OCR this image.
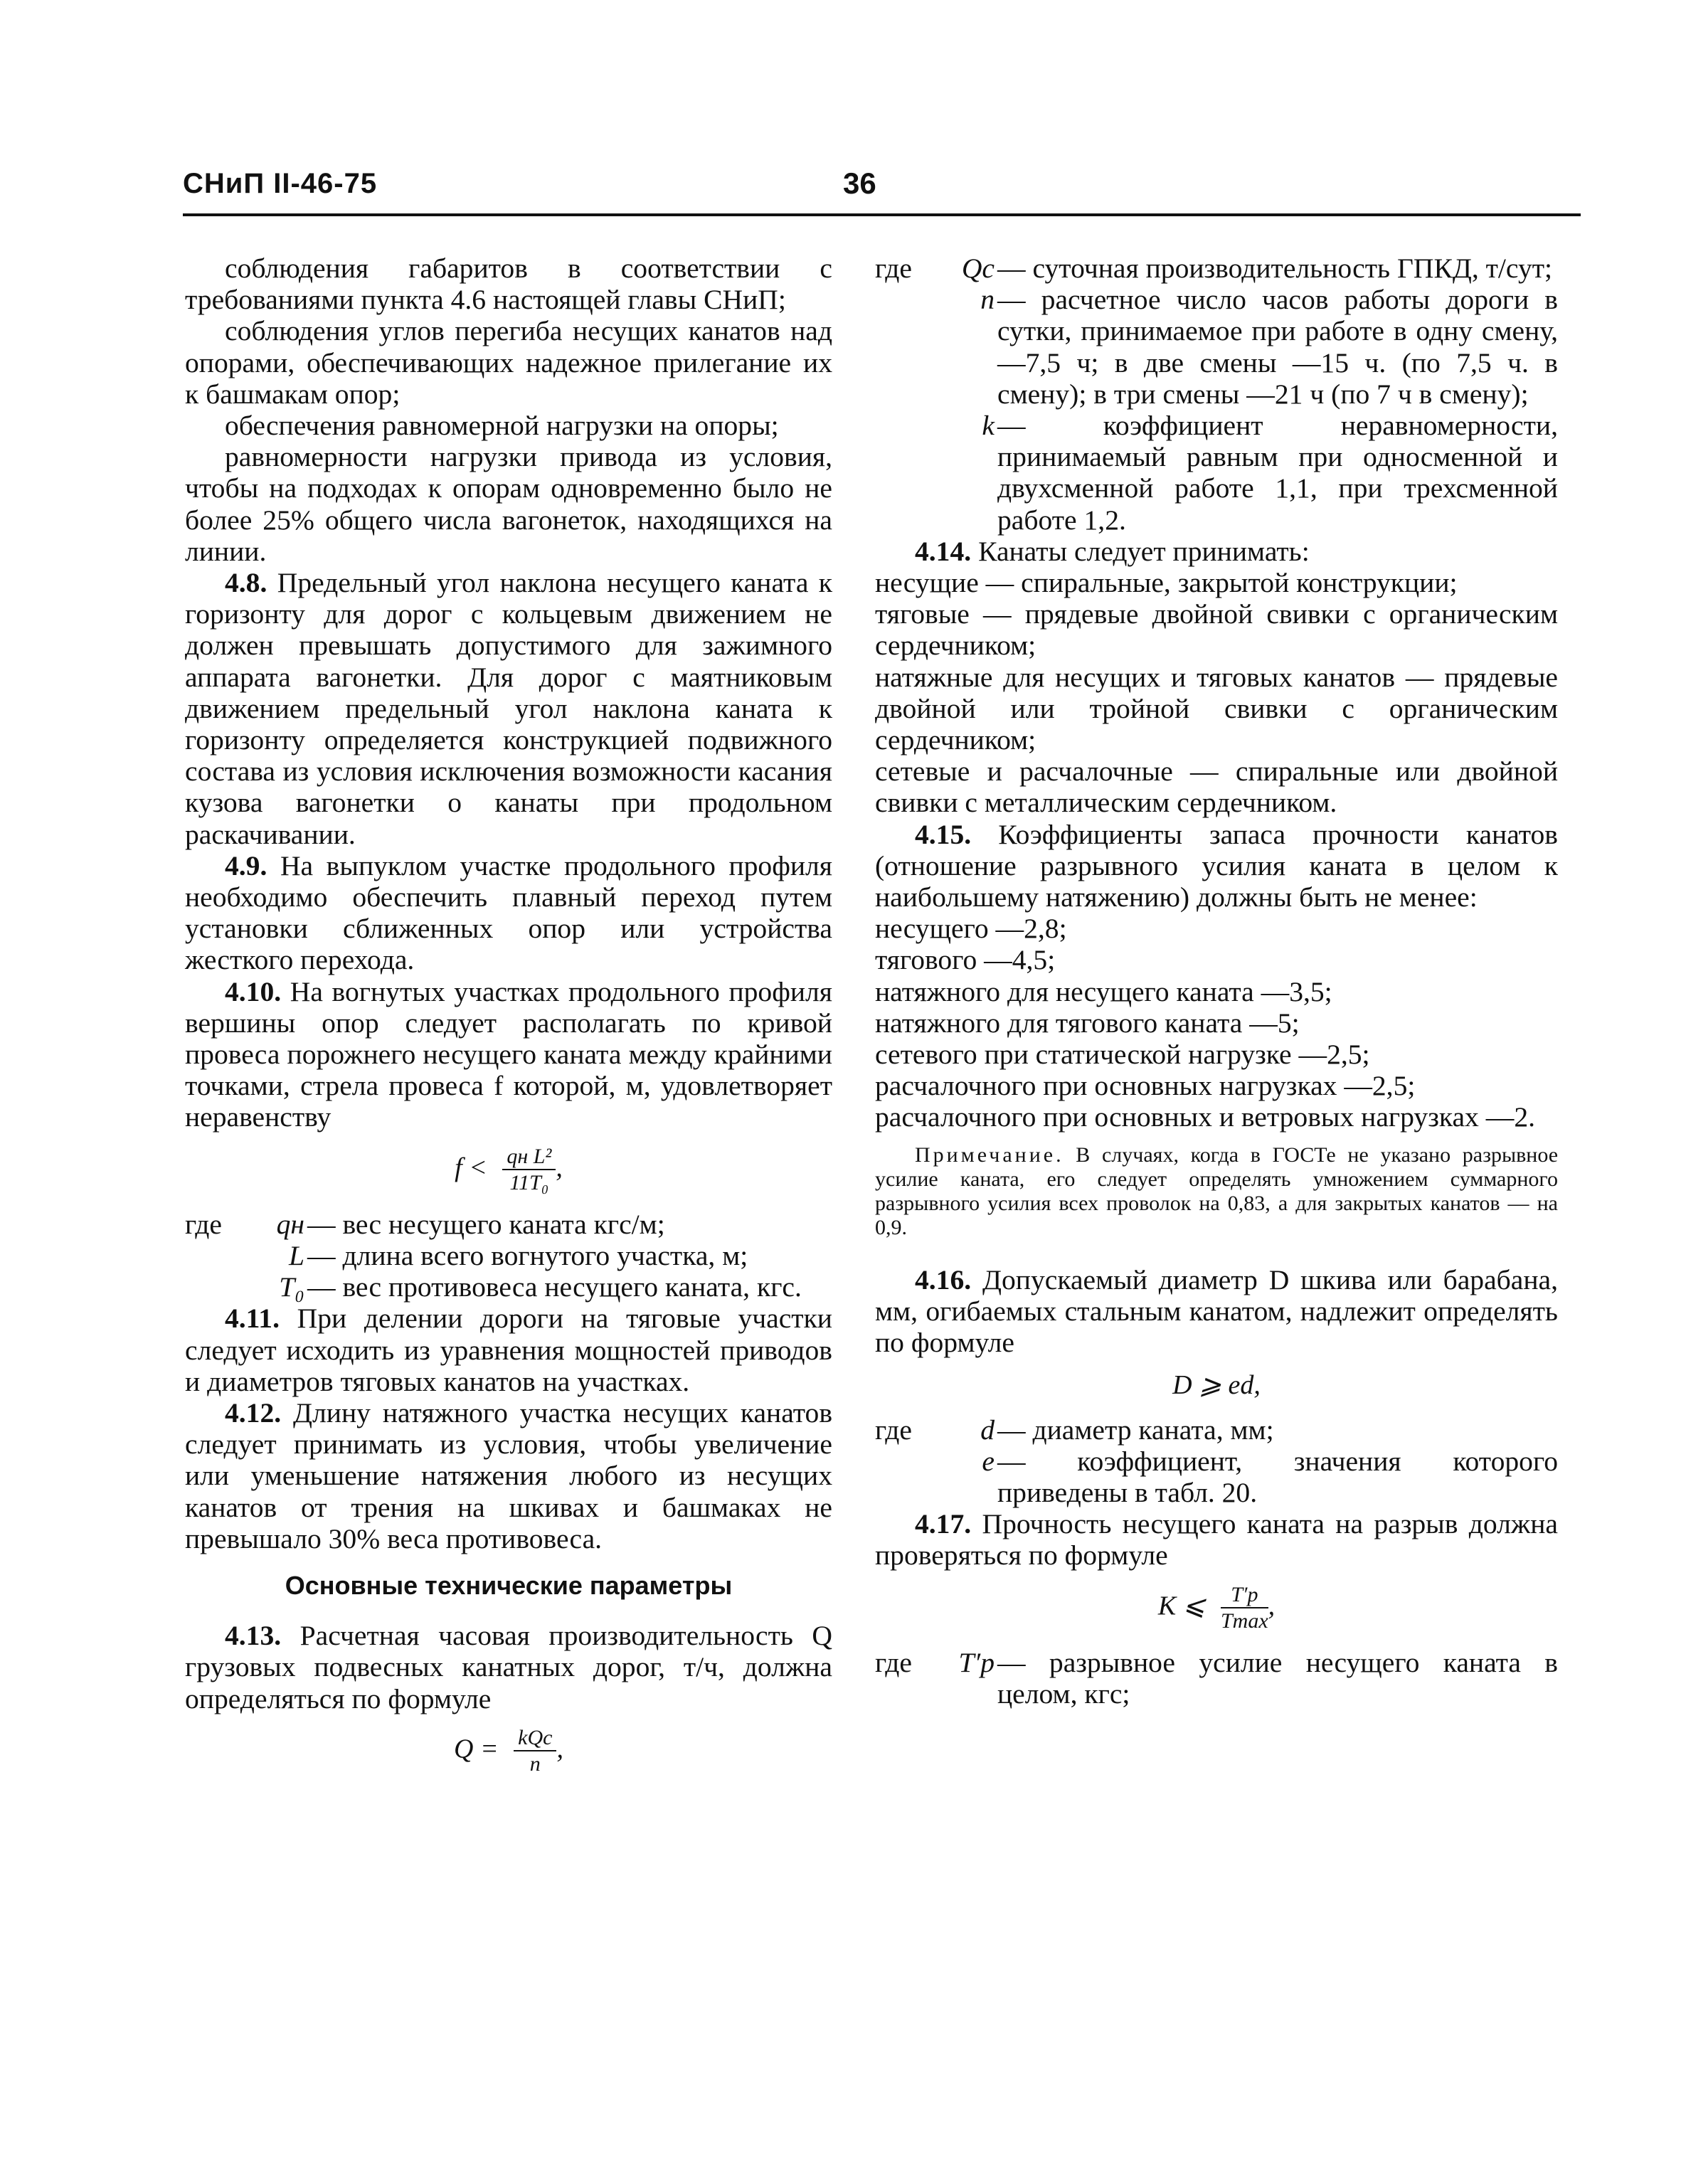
СНиП II-46-75	36

соблюдения габаритов в соответствии с требованиями пункта 4.6 настоящей главы СНиП;

соблюдения углов перегиба несущих канатов над опорами, обеспечивающих надежное прилегание их к башмакам опор;

обеспечения равномерной нагрузки на опоры;

равномерности нагрузки привода из условия, чтобы на подходах к опорам одновременно было не более 25% общего числа вагонеток, находящихся на линии.

4.8. Предельный угол наклона несущего каната к горизонту для дорог с кольцевым движением не должен превышать допустимого для зажимного аппарата вагонетки. Для дорог с маятниковым движением предельный угол наклона каната к горизонту определяется конструкцией подвижного состава из условия исключения возможности касания кузова вагонетки о канаты при продольном раскачивании.

4.9. На выпуклом участке продольного профиля необходимо обеспечить плавный переход путем установки сближенных опор или устройства жесткого перехода.

4.10. На вогнутых участках продольного профиля вершины опор следует располагать по кривой провеса порожнего несущего каната между крайними точками, стрела провеса f которой, м, удовлетворяет неравенству

$f < \frac{\text{qн L²}}{\text{11T₀}}$ ,
где	qн	— вес несущего каната кгс/м;
	L	— длина всего вогнутого участка, м;
	T₀	— вес противовеса несущего каната, кгс.

4.11. При делении дороги на тяговые участки следует исходить из уравнения мощностей приводов и диаметров тяговых канатов на участках.

4.12. Длину натяжного участка несущих канатов следует принимать из условия, чтобы увеличение или уменьшение натяжения любого из несущих канатов от трения на шкивах и башмаках не превышало 30% веса противовеса.

Основные технические параметры

4.13. Расчетная часовая производительность Q грузовых подвесных канатных дорог, т/ч, должна определяться по формуле

$Q = \frac{\text{kQc}}{n}$ ,
где	Qc	— суточная производительность ГПКД, т/сут;
	n	— расчетное число часов работы дороги в сутки, принимаемое при работе в одну смену,—7,5 ч; в две смены —15 ч. (по 7,5 ч. в смену); в три смены —21 ч (по 7 ч в смену);
	k	— коэффициент неравномерности, принимаемый равным при односменной и двухсменной работе 1,1, при трехсменной работе 1,2.

4.14. Канаты следует принимать:

несущие — спиральные, закрытой конструкции;

тяговые — прядевые двойной свивки с органическим сердечником;

натяжные для несущих и тяговых канатов — прядевые двойной или тройной свивки с органическим сердечником;

сетевые и расчалочные — спиральные или двойной свивки с металлическим сердечником.

4.15. Коэффициенты запаса прочности канатов (отношение разрывного усилия каната в целом к наибольшему натяжению) должны быть не менее:

несущего —2,8;

тягового —4,5;

натяжного для несущего каната —3,5;

натяжного для тягового каната —5;

сетевого при статической нагрузке —2,5;

расчалочного при основных нагрузках —2,5;

расчалочного при основных и ветровых нагрузках —2.

Примечание. В случаях, когда в ГОСТе не указано разрывное усилие каната, его следует определять умножением суммарного разрывного усилия всех проволок на 0,83, а для закрытых канатов — на 0,9.

4.16. Допускаемый диаметр D шкива или барабана, мм, огибаемых стальным канатом, надлежит определять по формуле

D ⩾ ed,
где	d	— диаметр каната, мм;
	e	— коэффициент, значения которого приведены в табл. 20.

4.17. Прочность несущего каната на разрыв должна проверяться по формуле

K ⩽ $\frac{T'p}{Tmax}$ ,
где	T′p	— разрывное усилие несущего каната в целом, кгс;
